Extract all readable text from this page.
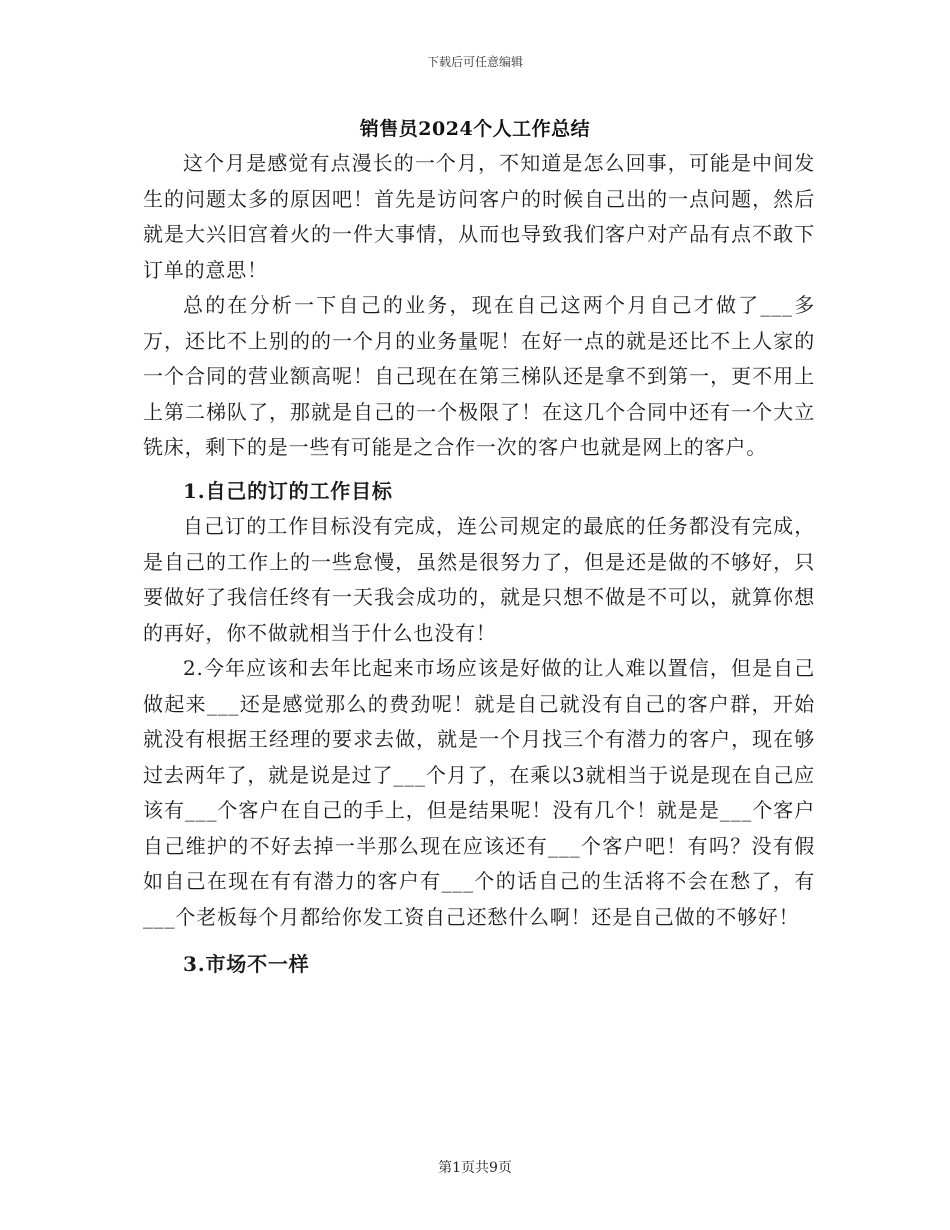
下载后可任意编辑
销售员2024个人工作总结

这个月是感觉有点漫长的一个月，不知道是怎么回事，可能是中间发生的问题太多的原因吧！首先是访问客户的时候自己出的一点问题，然后就是大兴旧宫着火的一件大事情，从而也导致我们客户对产品有点不敢下订单的意思！

总的在分析一下自己的业务，现在自己这两个月自己才做了___多万，还比不上别的的一个月的业务量呢！在好一点的就是还比不上人家的一个合同的营业额高呢！自己现在在第三梯队还是拿不到第一，更不用上上第二梯队了，那就是自己的一个极限了！在这几个合同中还有一个大立铣床，剩下的是一些有可能是之合作一次的客户也就是网上的客户。

1.自己的订的工作目标

自己订的工作目标没有完成，连公司规定的最底的任务都没有完成，是自己的工作上的一些怠慢，虽然是很努力了，但是还是做的不够好，只要做好了我信任终有一天我会成功的，就是只想不做是不可以，就算你想的再好，你不做就相当于什么也没有！

2.今年应该和去年比起来市场应该是好做的让人难以置信，但是自己做起来___还是感觉那么的费劲呢！就是自己就没有自己的客户群，开始就没有根据王经理的要求去做，就是一个月找三个有潜力的客户，现在够过去两年了，就是说是过了___个月了，在乘以3就相当于说是现在自己应该有___个客户在自己的手上，但是结果呢！没有几个！就是是___个客户自己维护的不好去掉一半那么现在应该还有___个客户吧！有吗？没有假如自己在现在有有潜力的客户有___个的话自己的生活将不会在愁了，有___个老板每个月都给你发工资自己还愁什么啊！还是自己做的不够好！

3.市场不一样

第1页共9页
